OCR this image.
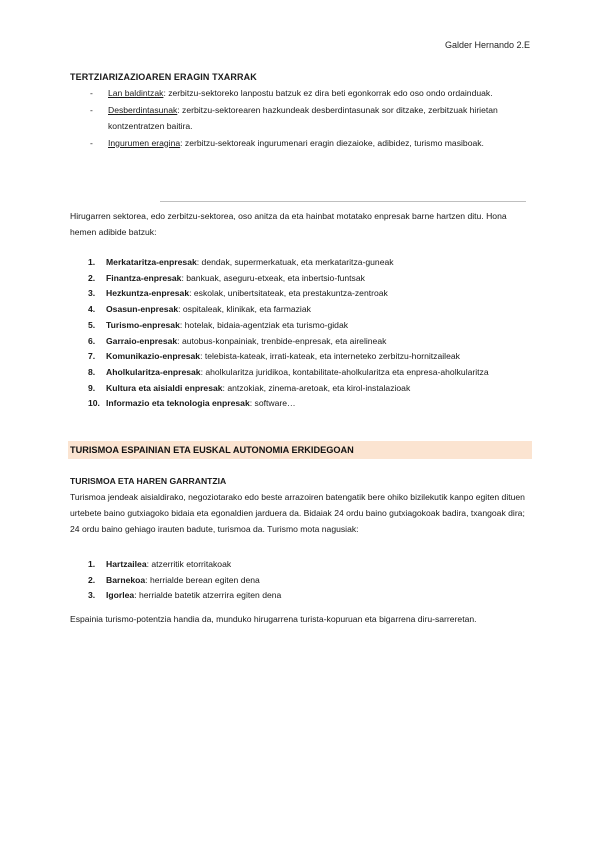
Galder Hernando 2.E
TERTZIARIZAZIOAREN ERAGIN TXARRAK
- Lan baldintzak: zerbitzu-sektoreko lanpostu batzuk ez dira beti egonkorrak edo oso ondo ordainduak.
- Desberdintasunak: zerbitzu-sektorearen hazkundeak desberdintasunak sor ditzake, zerbitzuak hirietan kontzentratzen baitira.
- Ingurumen eragina: zerbitzu-sektoreak ingurumenari eragin diezaioke, adibidez, turismo masiboak.
Hirugarren sektorea, edo zerbitzu-sektorea, oso anitza da eta hainbat motatako enpresak barne hartzen ditu. Hona hemen adibide batzuk:
1. Merkataritza-enpresak: dendak, supermerkatuak, eta merkataritza-guneak
2. Finantza-enpresak: bankuak, aseguru-etxeak, eta inbertsio-funtsak
3. Hezkuntza-enpresak: eskolak, unibertsitateak, eta prestakuntza-zentroak
4. Osasun-enpresak: ospitaleak, klinikak, eta farmaziak
5. Turismo-enpresak: hotelak, bidaia-agentziak eta turismo-gidak
6. Garraio-enpresak: autobus-konpainiak, trenbide-enpresak, eta airelineak
7. Komunikazio-enpresak: telebista-kateak, irrati-kateak, eta interneteko zerbitzu-hornitzaileak
8. Aholkularitza-enpresak: aholkularitza juridikoa, kontabilitate-aholkularitza eta enpresa-aholkularitza
9. Kultura eta aisialdi enpresak: antzokiak, zinema-aretoak, eta kirol-instalazioak
10. Informazio eta teknologia enpresak: software…
TURISMOA ESPAINIAN ETA EUSKAL AUTONOMIA ERKIDEGOAN
TURISMOA ETA HAREN GARRANTZIA
Turismoa jendeak aisialdirako, negoziotarako edo beste arrazoiren batengatik bere ohiko bizilekutik kanpo egiten dituen urtebete baino gutxiagoko bidaia eta egonaldien jarduera da. Bidaiak 24 ordu baino gutxiagokoak badira, txangoak dira; 24 ordu baino gehiago irauten badute, turismoa da. Turismo mota nagusiak:
1. Hartzailea: atzerritik etorritakoak
2. Barnekoa: herrialde berean egiten dena
3. Igorlea: herrialde batetik atzerrira egiten dena
Espainia turismo-potentzia handia da, munduko hirugarrena turista-kopuruan eta bigarrena diru-sarreretan.
